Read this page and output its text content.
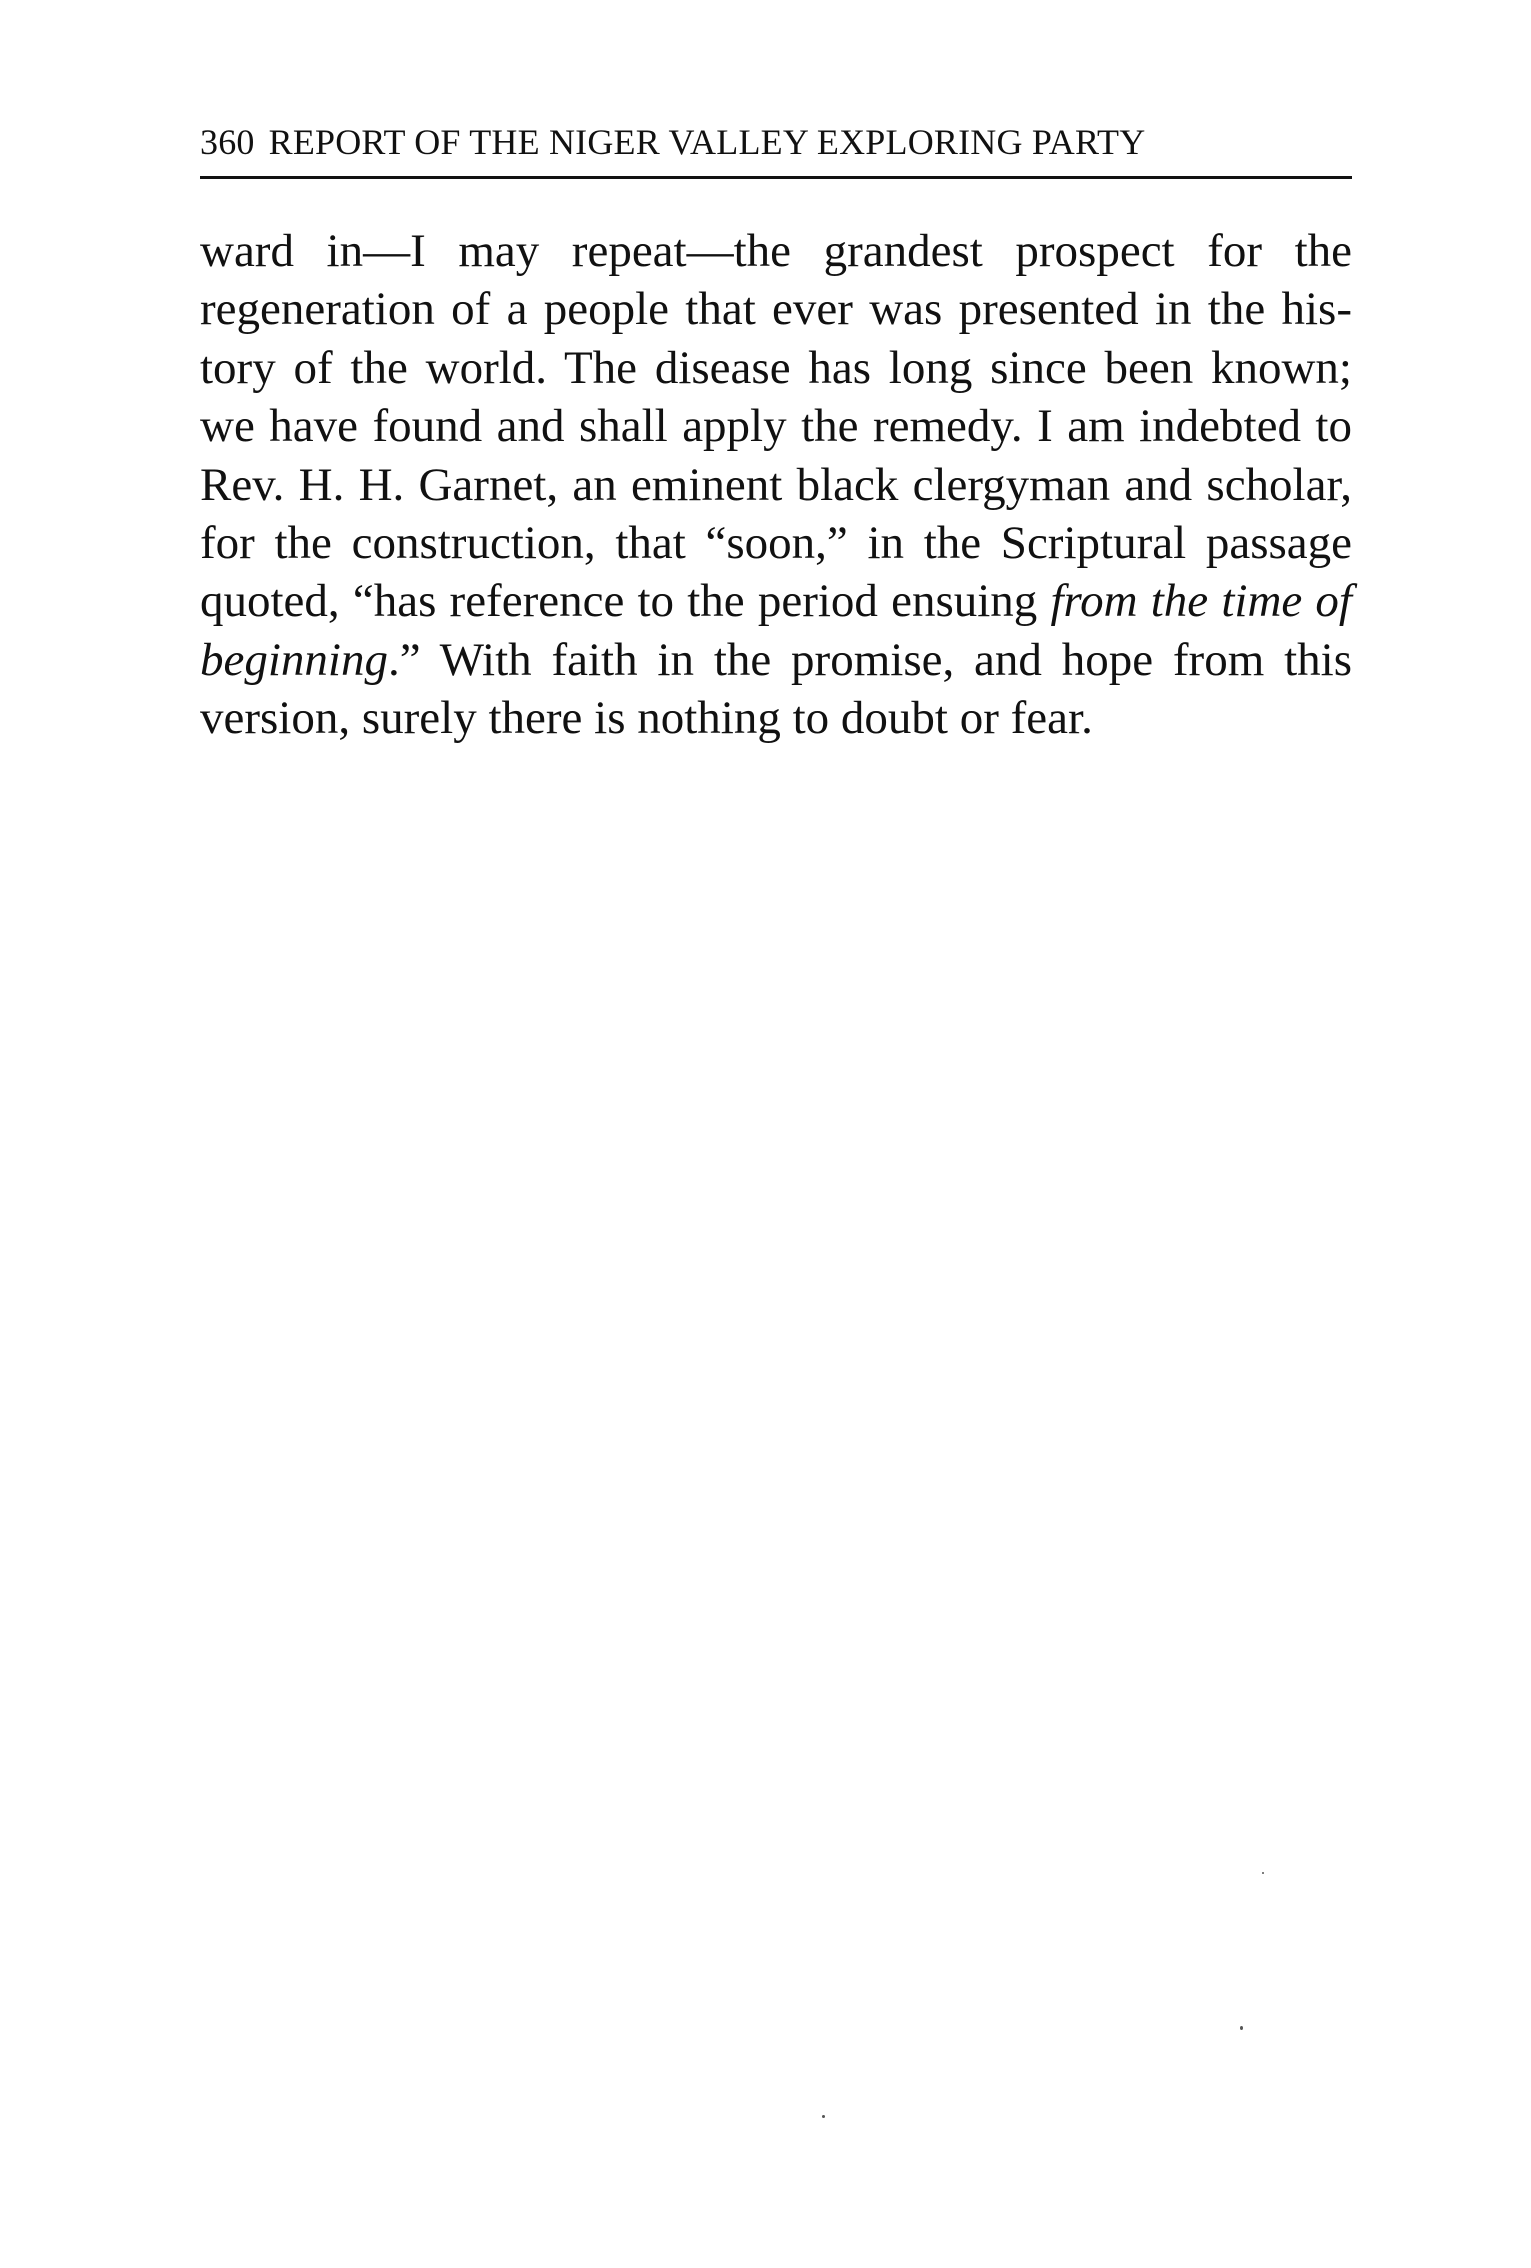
360 REPORT OF THE NIGER VALLEY EXPLORING PARTY

ward in—I may repeat—the grandest prospect for the regeneration of a people that ever was presented in the history of the world. The disease has long since been known; we have found and shall apply the remedy. I am indebted to Rev. H. H. Garnet, an eminent black clergyman and scholar, for the construction, that “soon,” in the Scriptural passage quoted, “has reference to the period ensuing from the time of beginning.” With faith in the promise, and hope from this version, surely there is nothing to doubt or fear.
